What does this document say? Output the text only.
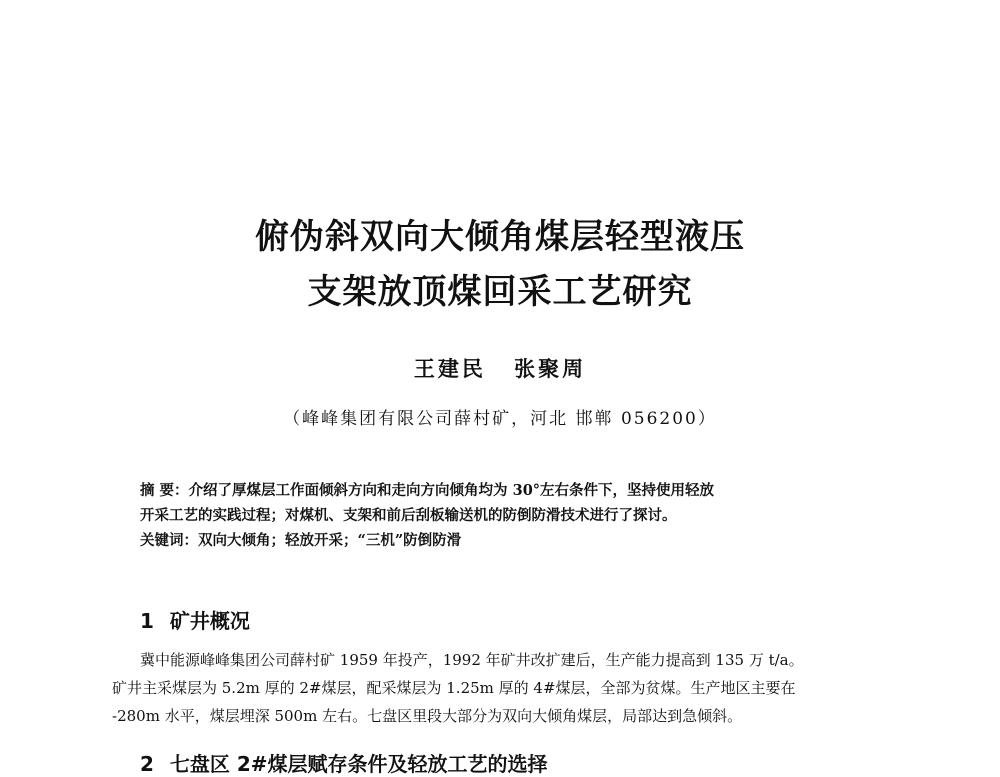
俯伪斜双向大倾角煤层轻型液压
支架放顶煤回采工艺研究
王建民 张聚周
（峰峰集团有限公司薛村矿，河北 邯郸 056200）
摘 要：介绍了厚煤层工作面倾斜方向和走向方向倾角均为 30°左右条件下，坚持使用轻放
开采工艺的实践过程；对煤机、支架和前后刮板输送机的防倒防滑技术进行了探讨。
关键词：双向大倾角；轻放开采；“三机”防倒防滑
1 矿井概况
冀中能源峰峰集团公司薛村矿 1959 年投产，1992 年矿井改扩建后，生产能力提高到 135 万 t/a。
矿井主采煤层为 5.2m 厚的 2#煤层，配采煤层为 1.25m 厚的 4#煤层，全部为贫煤。生产地区主要在
-280m 水平，煤层埋深 500m 左右。七盘区里段大部分为双向大倾角煤层，局部达到急倾斜。
2 七盘区 2#煤层赋存条件及轻放工艺的选择
